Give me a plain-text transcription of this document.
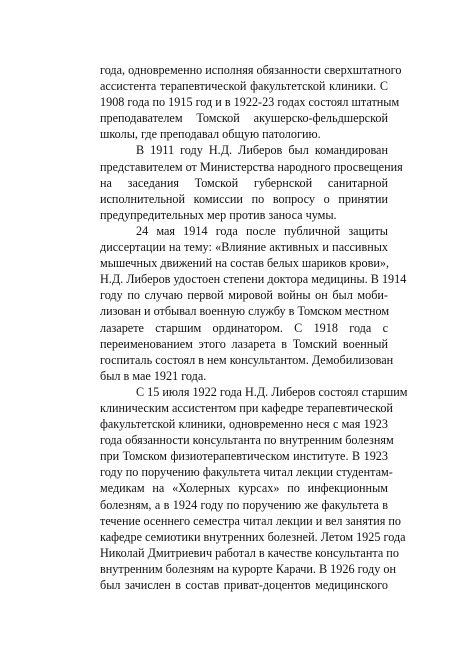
года, одновременно исполняя обязанности сверхштатного
ассистента терапевтической факультетской клиники. С
1908 года по 1915 год и в 1922-23 годах состоял штатным
преподавателем Томской акушерско-фельдшерской
школы, где преподавал общую патологию.
В 1911 году Н.Д. Либеров был командирован
представителем от Министерства народного просвещения
на заседания Томской губернской санитарной
исполнительной комиссии по вопросу о принятии
предупредительных мер против заноса чумы.
24 мая 1914 года после публичной защиты
диссертации на тему: «Влияние активных и пассивных
мышечных движений на состав белых шариков крови»,
Н.Д. Либеров удостоен степени доктора медицины. В 1914
году по случаю первой мировой войны он был моби-
лизован и отбывал военную службу в Томском местном
лазарете старшим ординатором. С 1918 года с
переименованием этого лазарета в Томский военный
госпиталь состоял в нем консультантом. Демобилизован
был в мае 1921 года.
С 15 июля 1922 года Н.Д. Либеров состоял старшим
клиническим ассистентом при кафедре терапевтической
факультетской клиники, одновременно неся с мая 1923
года обязанности консультанта по внутренним болезням
при Томском физиотерапевтическом институте. В 1923
году по поручению факультета читал лекции студентам-
медикам на «Холерных курсах» по инфекционным
болезням, а в 1924 году по поручению же факультета в
течение осеннего семестра читал лекции и вел занятия по
кафедре семиотики внутренних болезней. Летом 1925 года
Николай Дмитриевич работал в качестве консультанта по
внутренним болезням на курорте Карачи. В 1926 году он
был зачислен в состав приват-доцентов медицинского
